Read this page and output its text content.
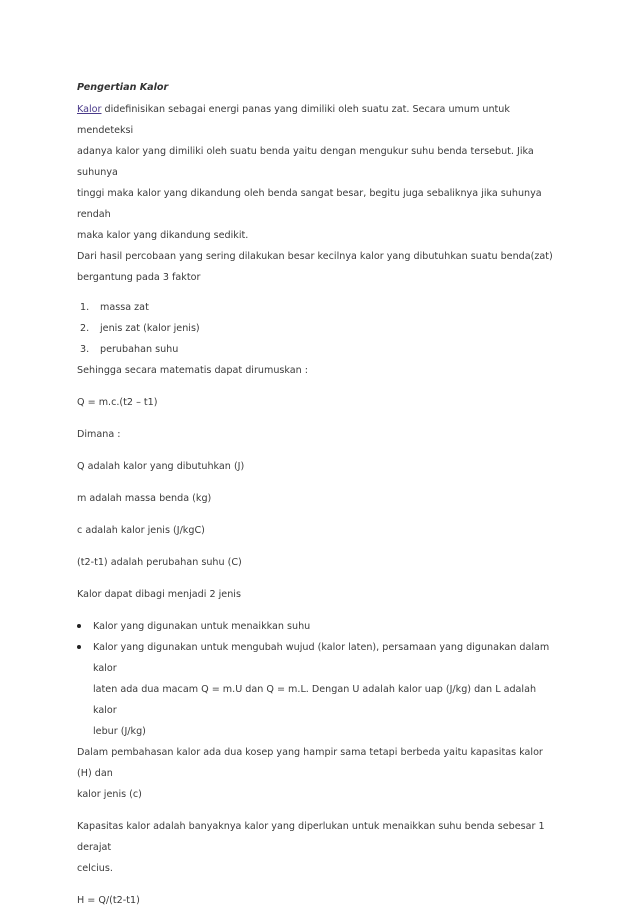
Pengertian Kalor

Kalor didefinisikan sebagai energi panas yang dimiliki oleh suatu zat. Secara umum untuk mendeteksi
adanya kalor yang dimiliki oleh suatu benda yaitu dengan mengukur suhu benda tersebut. Jika suhunya
tinggi maka kalor yang dikandung oleh benda sangat besar, begitu juga sebaliknya jika suhunya rendah
maka kalor yang dikandung sedikit.
Dari hasil percobaan yang sering dilakukan besar kecilnya kalor yang dibutuhkan suatu benda(zat)
bergantung pada 3 faktor

1. massa zat
2. jenis zat (kalor jenis)
3. perubahan suhu

Sehingga secara matematis dapat dirumuskan :

Q = m.c.(t2 – t1)

Dimana :

Q adalah kalor yang dibutuhkan (J)

m adalah massa benda (kg)

c adalah kalor jenis (J/kgC)

(t2-t1) adalah perubahan suhu (C)

Kalor dapat dibagi menjadi 2 jenis

Kalor yang digunakan untuk menaikkan suhu
Kalor yang digunakan untuk mengubah wujud (kalor laten), persamaan yang digunakan dalam kalor
laten ada dua macam Q = m.U dan Q = m.L. Dengan U adalah kalor uap (J/kg) dan L adalah kalor
lebur (J/kg)

Dalam pembahasan kalor ada dua kosep yang hampir sama tetapi berbeda yaitu kapasitas kalor (H) dan
kalor jenis (c)

Kapasitas kalor adalah banyaknya kalor yang diperlukan untuk menaikkan suhu benda sebesar 1 derajat
celcius.

H = Q/(t2-t1)
